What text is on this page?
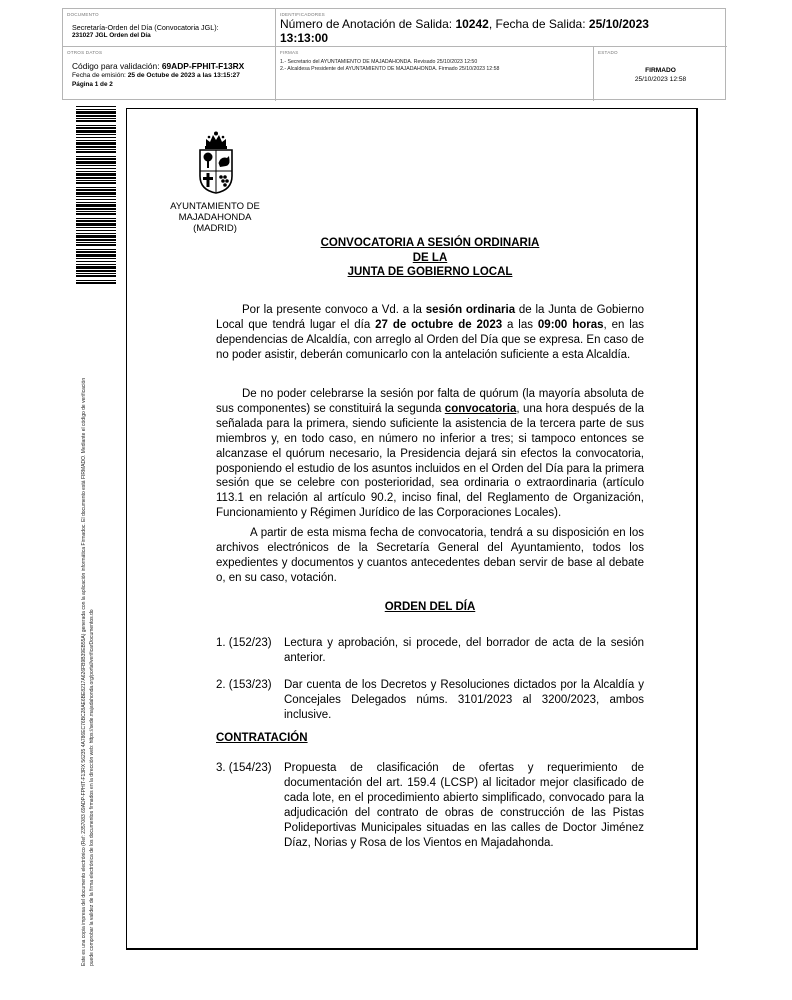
DOCUMENTO
Secretaría-Orden del Día (Convocatoria JGL):
231027 JGL Orden del Día
IDENTIFICADORES
Número de Anotación de Salida: 10242, Fecha de Salida: 25/10/2023
13:13:00
OTROS DATOS
Código para validación: 69ADP-FPHIT-F13RX
Fecha de emisión: 25 de Octube de 2023 a las 13:15:27
Página 1 de 2
FIRMAS
1.- Secretario del AYUNTAMIENTO DE MAJADAHONDA. Revisado 25/10/2023 12:50
2.- Alcaldesa Presidente del AYUNTAMIENTO DE MAJADAHONDA. Firmado 25/10/2023 12:58
ESTADO
FIRMADO
25/10/2023 12:58
Este es una copia impresa del documento electrónico (Ref: 2357083 69ADP-FPHIT-F13RX 56235 4A786EC76BC28AE6BE8217A626FB9B39EB55A) generada con la aplicación informática Firmadoc. El documento está FIRMADO. Mediante el código de verificación puede comprobar la validez de la firma electrónica de los documentos firmados en la dirección web: https://sede.majadahonda.org/portal/verificarDocumentos.do
AYUNTAMIENTO DE
MAJADAHONDA
(MADRID)
CONVOCATORIA A SESIÓN ORDINARIA
DE LA
JUNTA DE GOBIERNO LOCAL
Por la presente convoco a Vd. a la sesión ordinaria de la Junta de Gobierno Local que tendrá lugar el día 27 de octubre de 2023 a las 09:00 horas, en las dependencias de Alcaldía, con arreglo al Orden del Día que se expresa. En caso de no poder asistir, deberán comunicarlo con la antelación suficiente a esta Alcaldía.
De no poder celebrarse la sesión por falta de quórum (la mayoría absoluta de sus componentes) se constituirá la segunda convocatoria, una hora después de la señalada para la primera, siendo suficiente la asistencia de la tercera parte de sus miembros y, en todo caso, en número no inferior a tres; si tampoco entonces se alcanzase el quórum necesario, la Presidencia dejará sin efectos la convocatoria, posponiendo el estudio de los asuntos incluidos en el Orden del Día para la primera sesión que se celebre con posterioridad, sea ordinaria o extraordinaria (artículo 113.1 en relación al artículo 90.2, inciso final, del Reglamento de Organización, Funcionamiento y Régimen Jurídico de las Corporaciones Locales).
A partir de esta misma fecha de convocatoria, tendrá a su disposición en los archivos electrónicos de la Secretaría General del Ayuntamiento, todos los expedientes y documentos y cuantos antecedentes deban servir de base al debate o, en su caso, votación.
ORDEN DEL DÍA
1. (152/23) Lectura y aprobación, si procede, del borrador de acta de la sesión anterior.
2. (153/23) Dar cuenta de los Decretos y Resoluciones dictados por la Alcaldía y Concejales Delegados núms. 3101/2023 al 3200/2023, ambos inclusive.
CONTRATACIÓN
3. (154/23) Propuesta de clasificación de ofertas y requerimiento de documentación del art. 159.4 (LCSP) al licitador mejor clasificado de cada lote, en el procedimiento abierto simplificado, convocado para la adjudicación del contrato de obras de construcción de las Pistas Polideportivas Municipales situadas en las calles de Doctor Jiménez Díaz, Norias y Rosa de los Vientos en Majadahonda.
